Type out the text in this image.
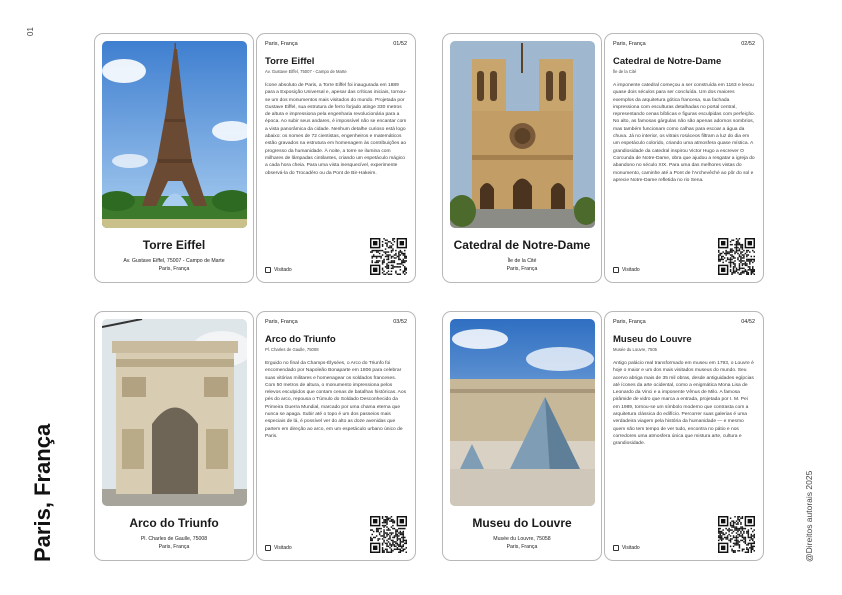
01
Paris, França	@Direitos autorais 2025
Torre Eiffel
Av. Gustave Eiffel, 75007 - Campo de Marte
Paris, França
Paris, França	01/52
Torre Eiffel
Av. Gustave Eiffel, 75007 - Campo de Marte
Ícone absoluto de Paris, a Torre Eiffel foi inaugurada em 1889 para a Exposição Universal e, apesar das críticas iniciais, tornou-se um dos monumentos mais visitados do mundo. Projetada por Gustave Eiffel, sua estrutura de ferro forjado atinge 330 metros de altura e impressiona pela engenharia revolucionária para a época. Ao subir seus andares, é impossível não se encantar com a vista panorâmica da cidade. Nenhum detalhe curioso está logo abaixo: os nomes de 72 cientistas, engenheiros e matemáticos estão gravados na estrutura em homenagem às contribuições ao progresso da humanidade. À noite, a torre se ilumina com milhares de lâmpadas cintilantes, criando um espetáculo mágico a cada hora cheia. Para uma vista inesquecível, experimente observá-la do Trocadéro ou da Pont de Bir-Hakeim.
Visitado
Catedral de Notre-Dame
Île de la Cité
Paris, França
Paris, França	02/52
Catedral de Notre-Dame
Île de la Cité
A imponente catedral começou a ser construída em 1163 e levou quase dois séculos para ser concluída. Um dos maiores exemplos da arquitetura gótica francesa, sua fachada impressiona com esculturas detalhadas no portal central, representando cenas bíblicas e figuras esculpidas com perfeição. No alto, as famosas gárgulas não são apenas adornos sombrios, mas também funcionam como calhas para escoar a água da chuva. Já no interior, os vitrais rosáceos filtram a luz do dia em um espetáculo colorido, criando uma atmosfera quase mística. A grandiosidade da catedral inspirou Victor Hugo a escrever O Corcunda de Notre-Dame, obra que ajudou a resgatar a igreja do abandono no século XIX. Para uma das melhores vistas do monumento, caminhe até a Pont de l'Archevêché ao pôr do sol e aprecie Notre-Dame refletida no rio Sena.
Visitado
Arco do Triunfo
Pl. Charles de Gaulle, 75008
Paris, França
Paris, França	03/52
Arco do Triunfo
Pl. Charles de Gaulle, 75008
Erguido no final da Champs-Élysées, o Arco do Triunfo foi encomendado por Napoleão Bonaparte em 1806 para celebrar suas vitórias militares e homenagear os soldados franceses. Com 50 metros de altura, o monumento impressiona pelos relevos esculpidos que contam cenas de batalhas históricas. Aos pés do arco, repousa o Túmulo do Soldado Desconhecido da Primeira Guerra Mundial, marcado por uma chama eterna que nunca se apaga. Subir até o topo é um dos passeios mais especiais de lá, é possível ver do alto as doze avenidas que partem em direção ao arco, em um espetáculo urbano único de Paris.
Visitado
Museu do Louvre
Musée du Louvre, 75058
Paris, França
Paris, França	04/52
Museu do Louvre
Musée du Louvre, 7505
Antigo palácio real transformado em museu em 1793, o Louvre é hoje o maior e um dos mais visitados museus do mundo. Seu acervo abriga mais de 35 mil obras, desde antiguidades egípcias até ícones da arte ocidental, como a enigmática Mona Lisa de Leonardo da Vinci e a imponente Vênus de Milo. A famosa pirâmide de vidro que marca a entrada, projetada por I. M. Pei em 1989, tornou-se um símbolo moderno que contrasta com a arquitetura clássica do edifício. Percorrer suas galerias é uma verdadeira viagem pela história da humanidade — e mesmo quem não tem tempo de ver tudo, encontra no pátio e nos corredores uma atmosfera única que mistura arte, cultura e grandiosidade.
Visitado
